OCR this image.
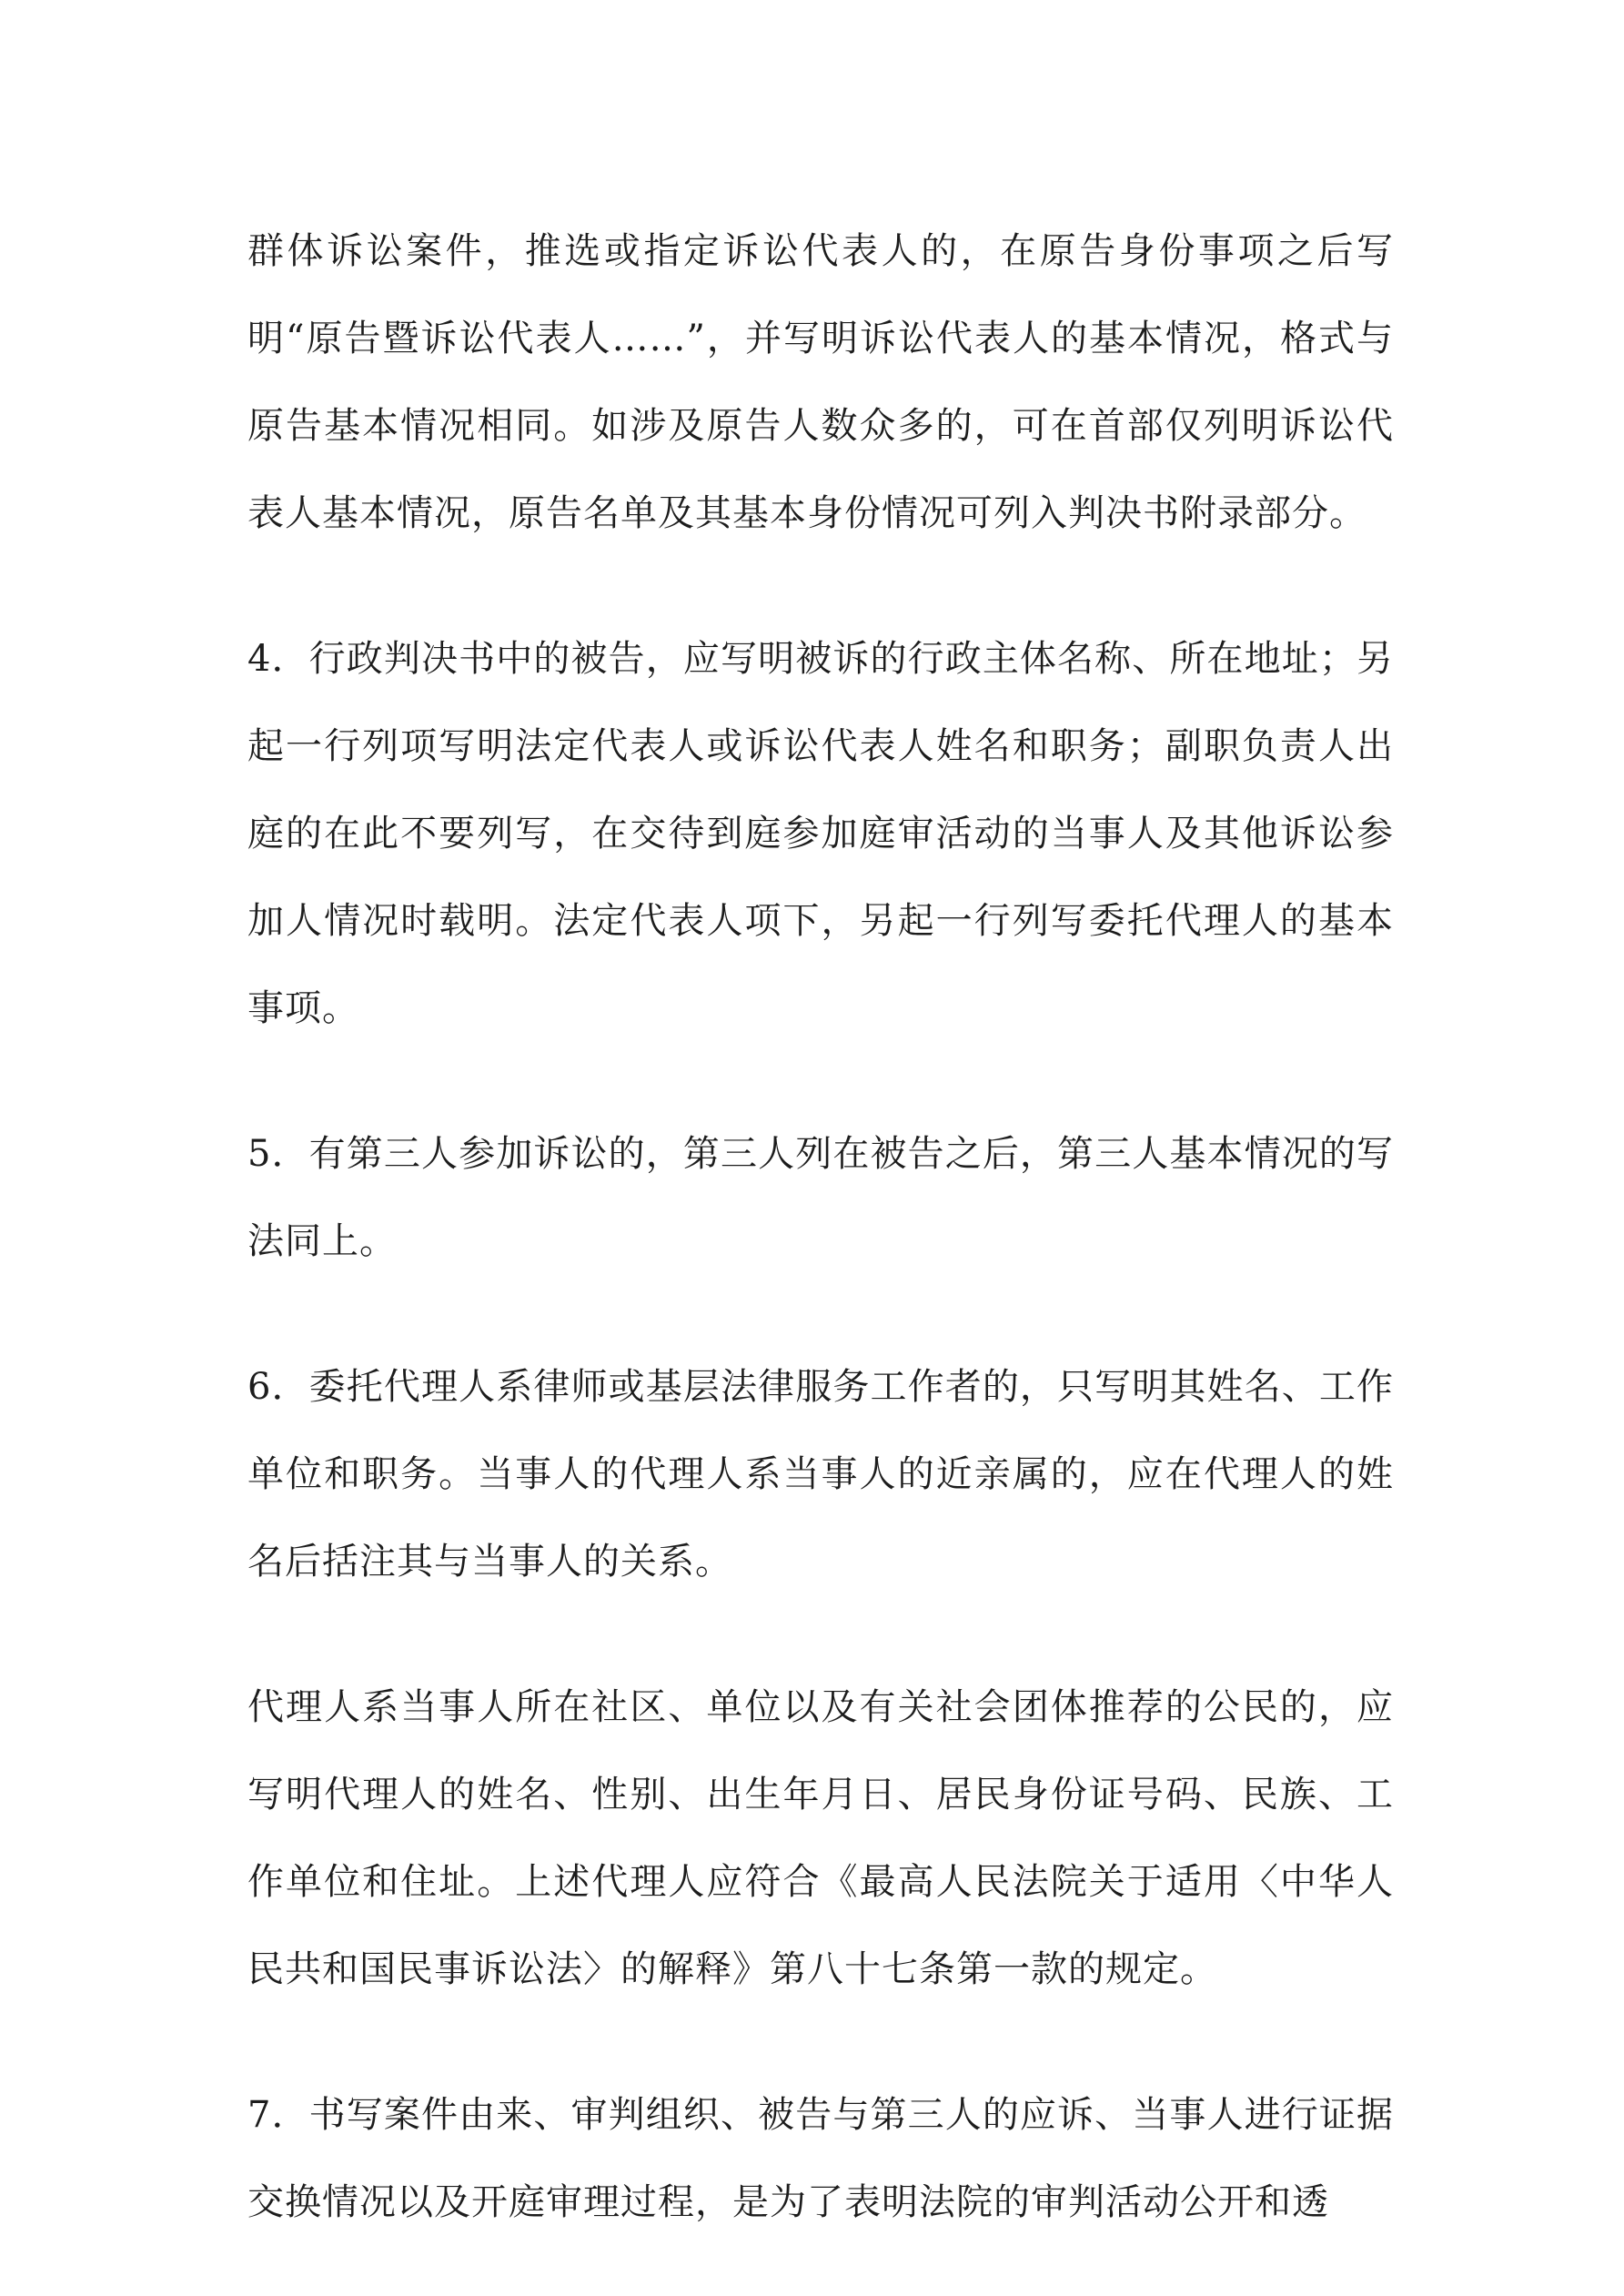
群体诉讼案件，推选或指定诉讼代表人的，在原告身份事项之后写明“原告暨诉讼代表人……”，并写明诉讼代表人的基本情况，格式与原告基本情况相同。如涉及原告人数众多的，可在首部仅列明诉讼代表人基本情况，原告名单及其基本身份情况可列入判决书附录部分。

4．行政判决书中的被告，应写明被诉的行政主体名称、所在地址；另起一行列项写明法定代表人或诉讼代表人姓名和职务；副职负责人出庭的在此不要列写，在交待到庭参加庭审活动的当事人及其他诉讼参加人情况时载明。法定代表人项下，另起一行列写委托代理人的基本事项。

5．有第三人参加诉讼的，第三人列在被告之后，第三人基本情况的写法同上。

6．委托代理人系律师或基层法律服务工作者的，只写明其姓名、工作单位和职务。当事人的代理人系当事人的近亲属的，应在代理人的姓名后括注其与当事人的关系。

代理人系当事人所在社区、单位以及有关社会团体推荐的公民的，应写明代理人的姓名、性别、出生年月日、居民身份证号码、民族、工作单位和住址。上述代理人应符合《最高人民法院关于适用〈中华人民共和国民事诉讼法〉的解释》第八十七条第一款的规定。

7．书写案件由来、审判组织、被告与第三人的应诉、当事人进行证据交换情况以及开庭审理过程，是为了表明法院的审判活动公开和透
